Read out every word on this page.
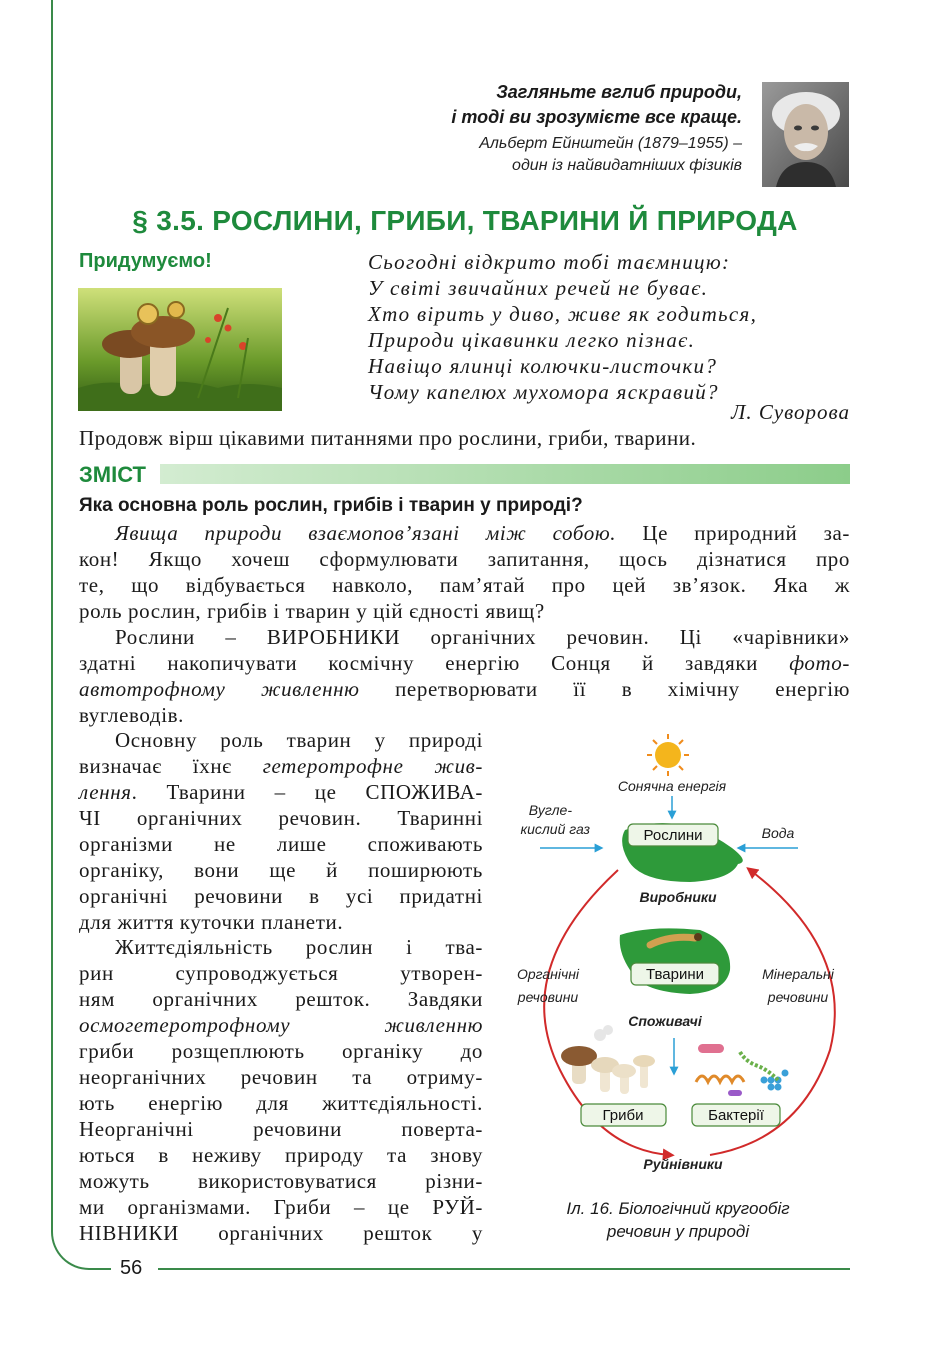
56
Загляньте вглиб природи,
і тоді ви зрозумієте все краще.
Альберт Ейнштейн (1879–1955) –
один із найвидатніших фізиків
§ 3.5. РОСЛИНИ, ГРИБИ, ТВАРИНИ Й ПРИРОДА
Придумуємо!	Сьогодні відкрито тобі таємницю:
У світі звичайних речей не буває.
Хто вірить у диво, живе як годиться,
Природи цікавинки легко пізнає.
Навіщо ялинці колючки-листочки?
Чому капелюх мухомора яскравий?
Л. Суворова
Продовж вірш цікавими питаннями про рослини, гриби, тварини.
ЗМІСТ
Яка основна роль рослин, грибів і тварин у природі?
Явища природи взаємопов’язані між собою. Це природний за-
кон! Якщо хочеш сформулювати запитання, щось дізнатися про
те, що відбувається навколо, пам’ятай про цей зв’язок. Яка ж
роль рослин, грибів і тварин у цій єдності явищ?
Рослини – ВИРОБНИКИ органічних речовин. Ці «чарівники»
здатні накопичувати космічну енергію Сонця й завдяки фото-
автотрофному живленню перетворювати її в хімічну енергію
вуглеводів.
Основну роль тварин у природі
визначає їхнє гетеротрофне жив-
лення. Тварини – це СПОЖИВА-
ЧІ органічних речовин. Тваринні
організми не лише споживають
органіку, вони ще й поширюють
органічні речовини в усі придатні
для життя куточки планети.
Життєдіяльність рослин і тва-
рин супроводжується утворен-
ням органічних решток. Завдяки
осмогетеротрофному живленню
гриби розщеплюють органіку до
неорганічних речовин та отриму-
ють енергію для життєдіяльності.
Неорганічні речовини поверта-
ються в неживу природу та знову
можуть використовуватися різни-
ми організмами. Гриби – це РУЙ-
НІВНИКИ органічних решток у
Сонячна енергія
Вугле-
кислий газ	Вода
Рослини
Виробники
Тварини
Органічні
речовини
Мінеральні
речовини
Споживачі
Гриби	Бактерії
Руйнівники
Іл. 16. Біологічний кругообіг
речовин у природі
